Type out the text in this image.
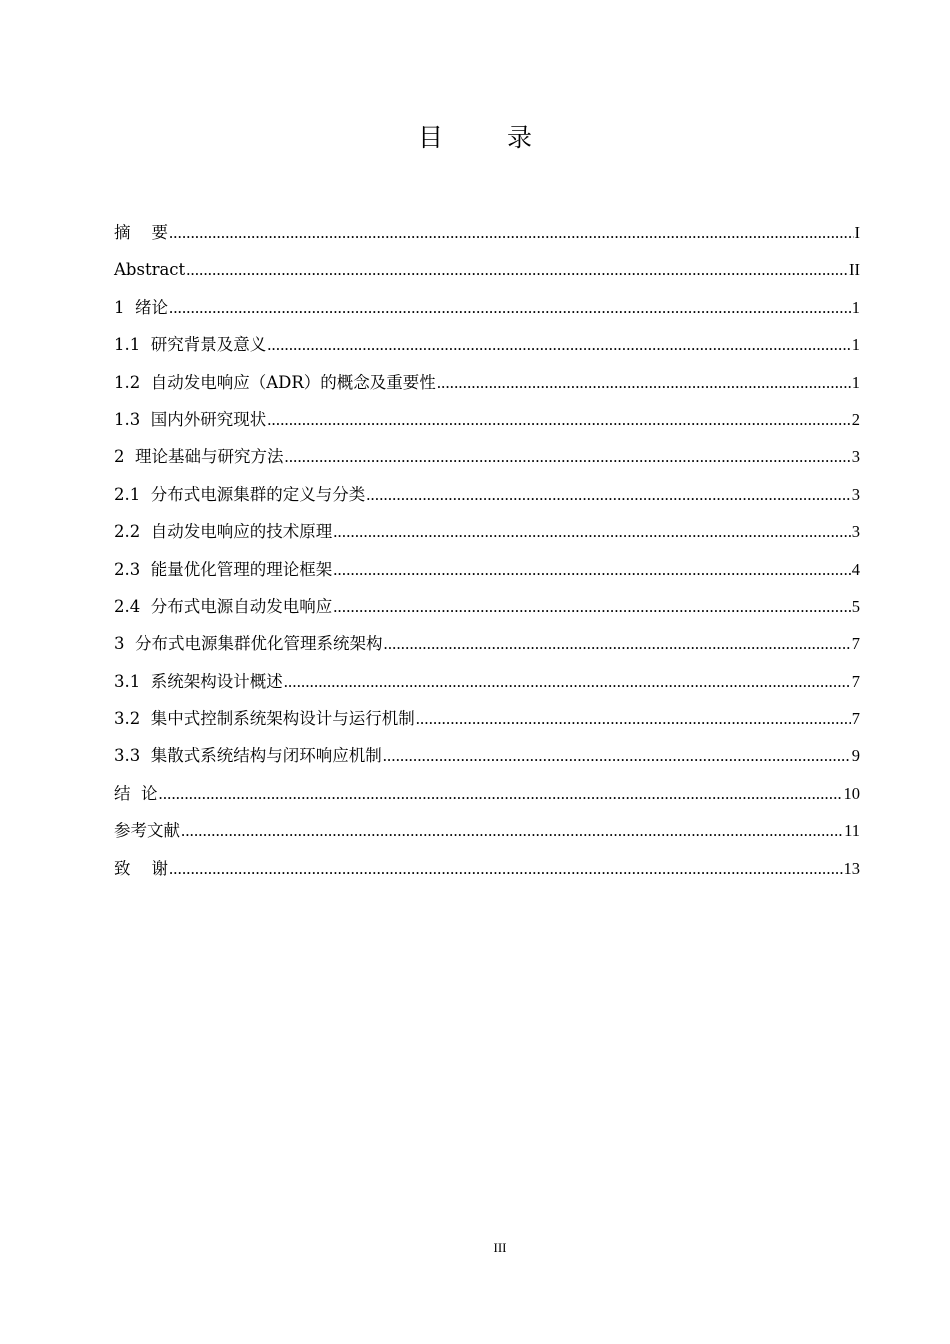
目 录
摘    要 .....	I
Abstract .....	II
1  绪论 .....	1
1.1  研究背景及意义 .....	1
1.2  自动发电响应（ADR）的概念及重要性 .....	1
1.3  国内外研究现状 .....	2
2  理论基础与研究方法 .....	3
2.1  分布式电源集群的定义与分类 .....	3
2.2  自动发电响应的技术原理 .....	3
2.3  能量优化管理的理论框架 .....	4
2.4  分布式电源自动发电响应 .....	5
3  分布式电源集群优化管理系统架构 .....	7
3.1  系统架构设计概述 .....	7
3.2  集中式控制系统架构设计与运行机制 .....	7
3.3  集散式系统结构与闭环响应机制 .....	9
结  论 .....	10
参考文献 .....	11
致    谢 .....	13
III
